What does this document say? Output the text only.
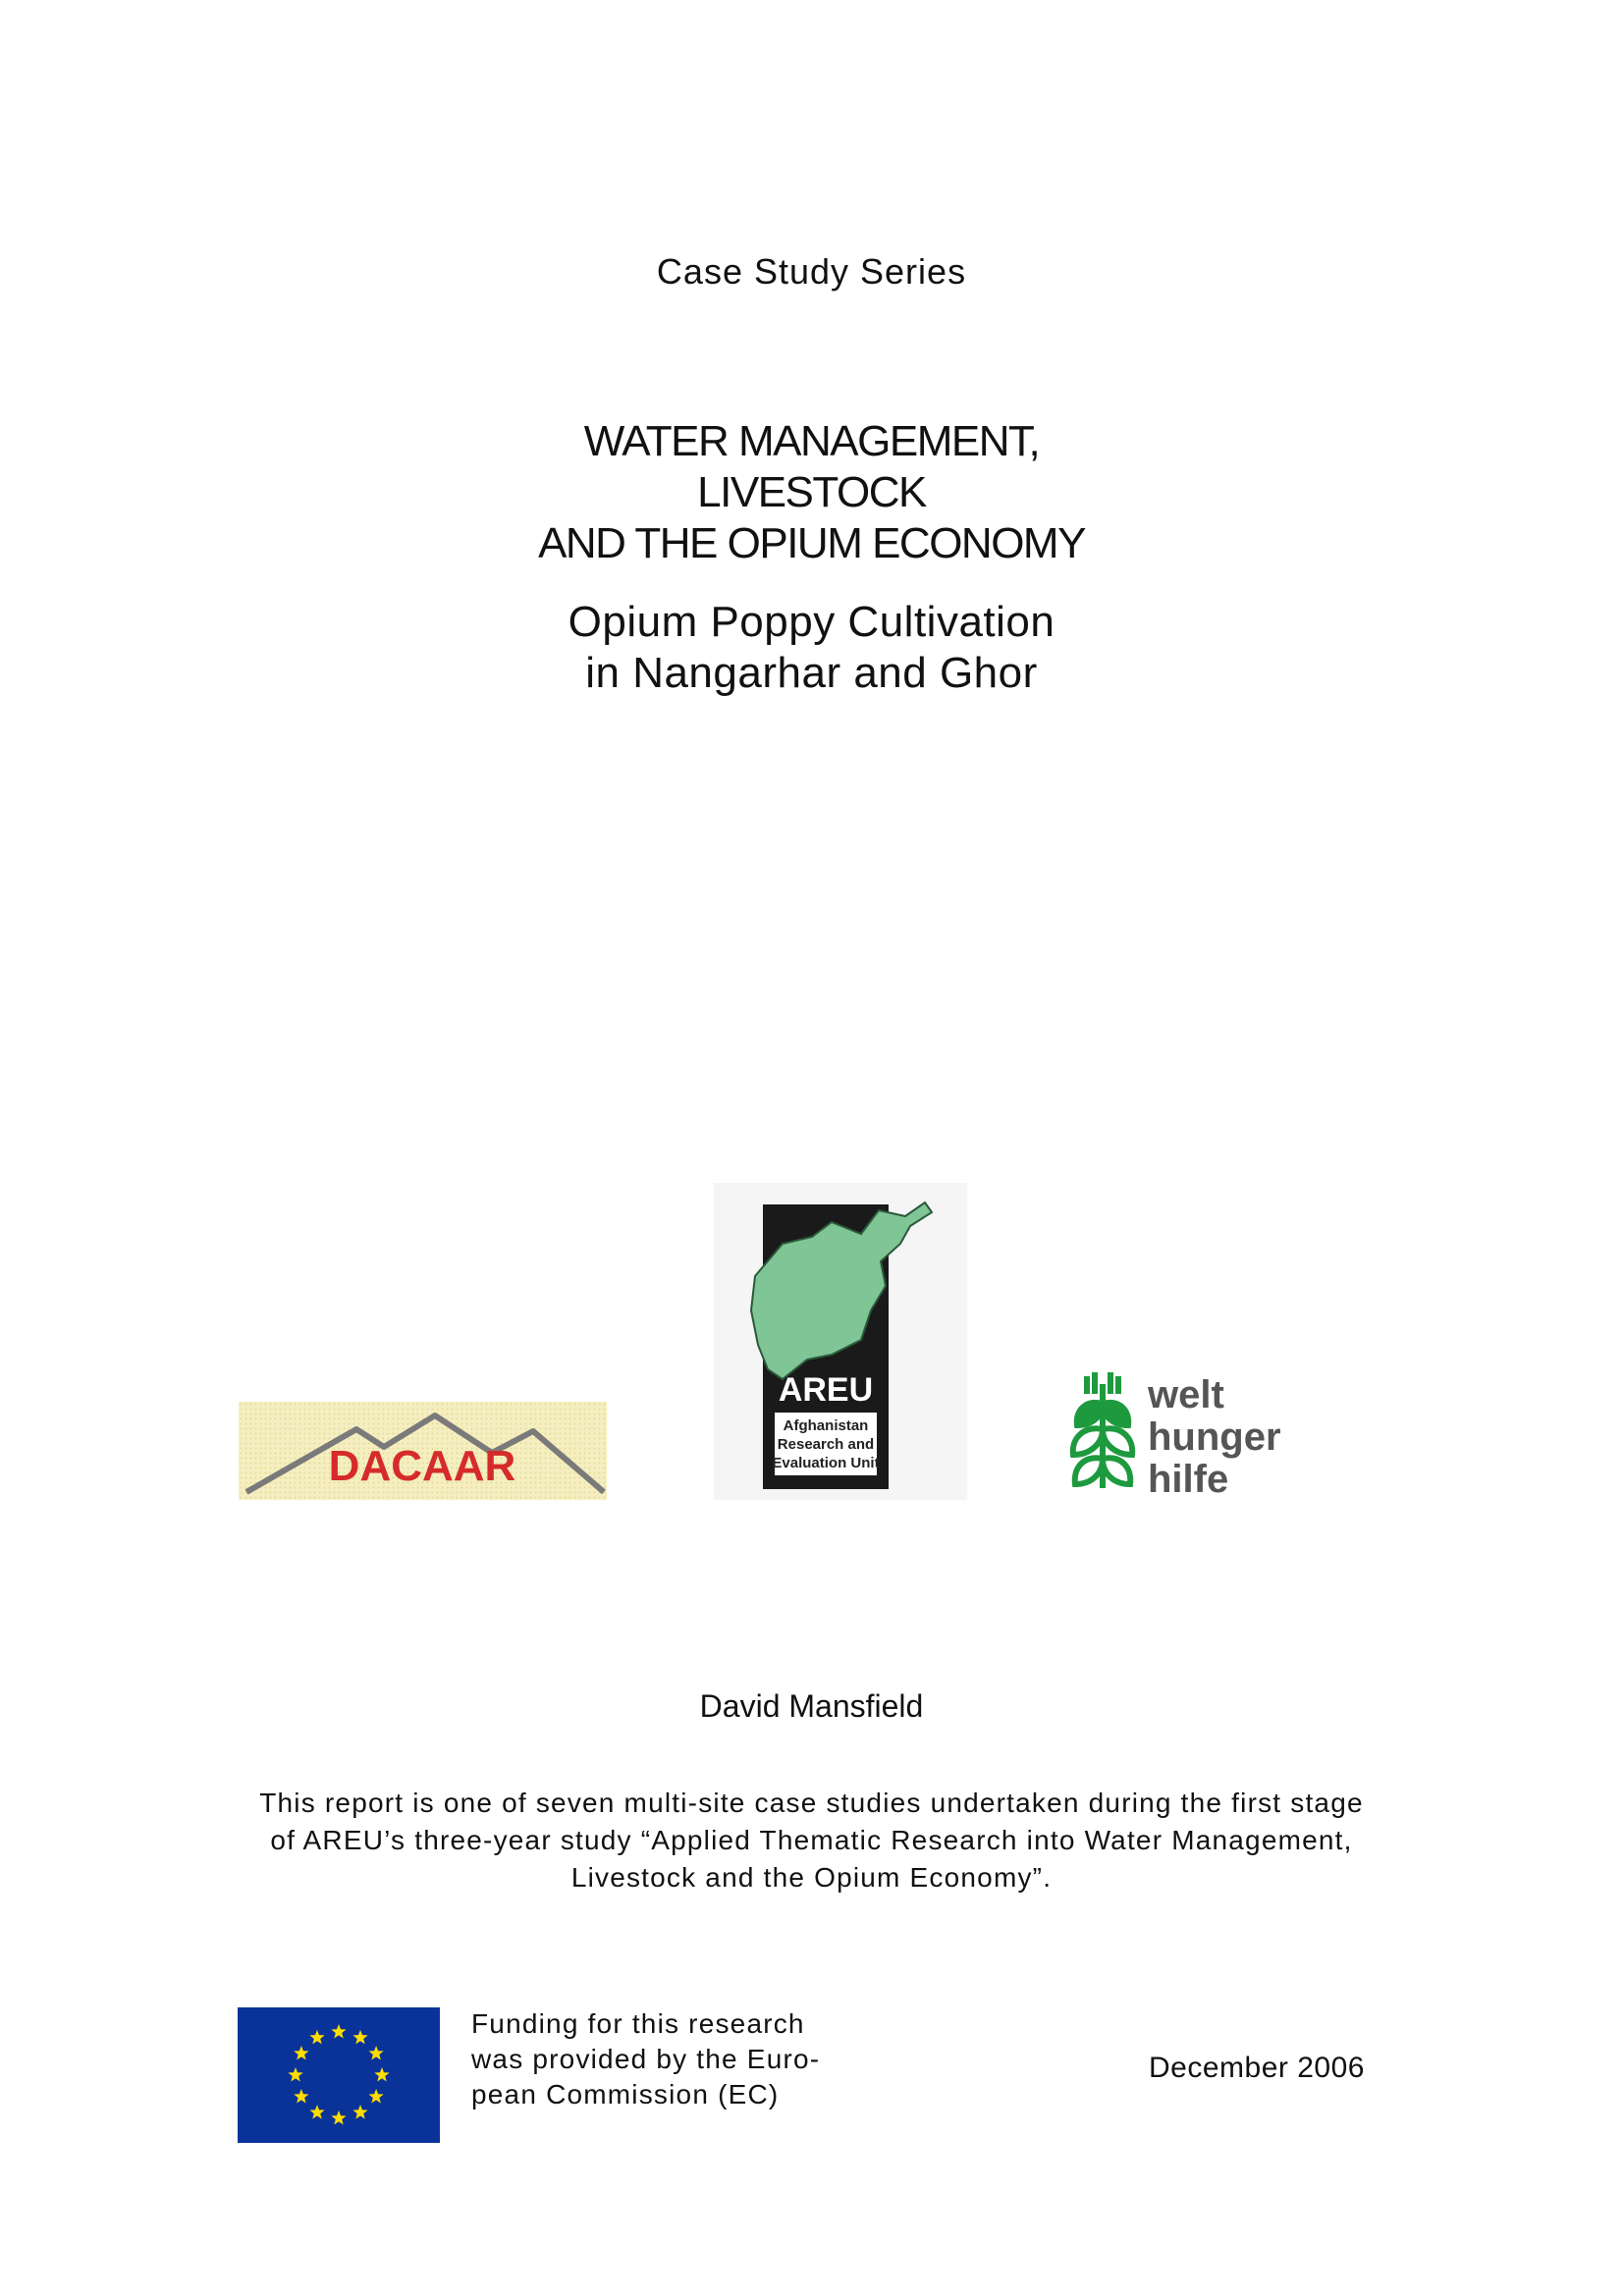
Case Study Series
WATER MANAGEMENT,
LIVESTOCK
AND THE OPIUM ECONOMY
Opium Poppy Cultivation
in Nangarhar and Ghor
DACAAR
AREU
Afghanistan
Research and
Evaluation Unit
welt
hunger
hilfe
David Mansfield
This report is one of seven multi-site case studies undertaken during the first stage
of AREU’s three-year study “Applied Thematic Research into Water Management,
Livestock and the Opium Economy”.
Funding for this research
was provided by the Euro-
pean Commission (EC)
December 2006
